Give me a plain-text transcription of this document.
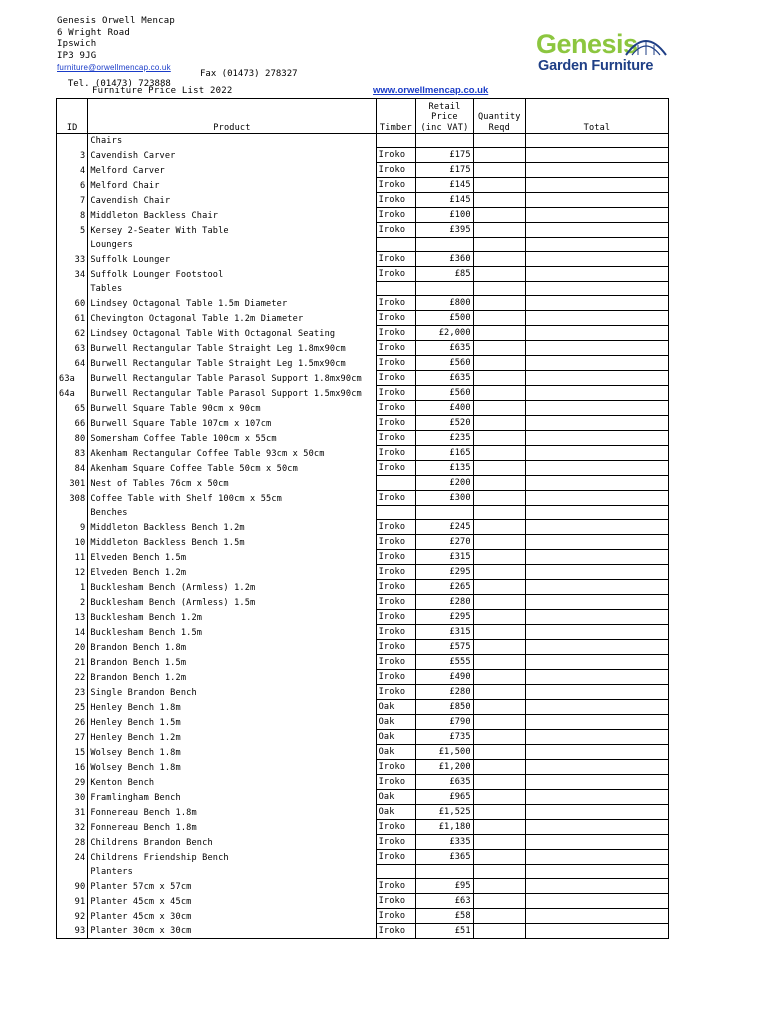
Genesis Orwell Mencap
6 Wright Road
Ipswich
IP3 9JG
furniture@orwellmencap.co.uk

Tel. (01473) 723888

Fax (01473) 278327

Furniture Price List 2022	www.orwellmencap.co.uk
Genesis
Garden Furniture
ID	Product	Timber	Retail Price (inc VAT)	Quantity Reqd	Total
	Chairs				
3	Cavendish Carver	Iroko	£175		
4	Melford Carver	Iroko	£175		
6	Melford Chair	Iroko	£145		
7	Cavendish Chair	Iroko	£145		
8	Middleton Backless Chair	Iroko	£100		
5	Kersey 2-Seater With Table	Iroko	£395		
	Loungers				
33	Suffolk Lounger	Iroko	£360		
34	Suffolk Lounger Footstool	Iroko	£85		
	Tables				
60	Lindsey Octagonal Table 1.5m Diameter	Iroko	£800		
61	Chevington Octagonal Table 1.2m Diameter	Iroko	£500		
62	Lindsey Octagonal Table With Octagonal Seating	Iroko	£2,000		
63	Burwell Rectangular Table Straight Leg 1.8mx90cm	Iroko	£635		
64	Burwell Rectangular Table Straight Leg 1.5mx90cm	Iroko	£560		
63a	Burwell Rectangular Table Parasol Support 1.8mx90cm	Iroko	£635		
64a	Burwell Rectangular Table Parasol Support 1.5mx90cm	Iroko	£560		
65	Burwell Square Table 90cm x 90cm	Iroko	£400		
66	Burwell Square Table 107cm x 107cm	Iroko	£520		
80	Somersham Coffee Table 100cm x 55cm	Iroko	£235		
83	Akenham Rectangular Coffee Table 93cm x 50cm	Iroko	£165		
84	Akenham Square Coffee Table 50cm x 50cm	Iroko	£135		
301	Nest of Tables 76cm x 50cm		£200		
308	Coffee Table with Shelf 100cm x 55cm	Iroko	£300		
	Benches				
9	Middleton Backless Bench 1.2m	Iroko	£245		
10	Middleton Backless Bench 1.5m	Iroko	£270		
11	Elveden Bench 1.5m	Iroko	£315		
12	Elveden Bench 1.2m	Iroko	£295		
1	Bucklesham Bench (Armless) 1.2m	Iroko	£265		
2	Bucklesham Bench (Armless) 1.5m	Iroko	£280		
13	Bucklesham Bench 1.2m	Iroko	£295		
14	Bucklesham Bench 1.5m	Iroko	£315		
20	Brandon Bench 1.8m	Iroko	£575		
21	Brandon Bench 1.5m	Iroko	£555		
22	Brandon Bench 1.2m	Iroko	£490		
23	Single Brandon Bench	Iroko	£280		
25	Henley Bench 1.8m	Oak	£850		
26	Henley Bench 1.5m	Oak	£790		
27	Henley Bench 1.2m	Oak	£735		
15	Wolsey Bench 1.8m	Oak	£1,500		
16	Wolsey Bench 1.8m	Iroko	£1,200		
29	Kenton Bench	Iroko	£635		
30	Framlingham Bench	Oak	£965		
31	Fonnereau Bench 1.8m	Oak	£1,525		
32	Fonnereau Bench 1.8m	Iroko	£1,180		
28	Childrens Brandon Bench	Iroko	£335		
24	Childrens Friendship Bench	Iroko	£365		
	Planters				
90	Planter 57cm x 57cm	Iroko	£95		
91	Planter 45cm x 45cm	Iroko	£63		
92	Planter 45cm x 30cm	Iroko	£58		
93	Planter 30cm x 30cm	Iroko	£51		
